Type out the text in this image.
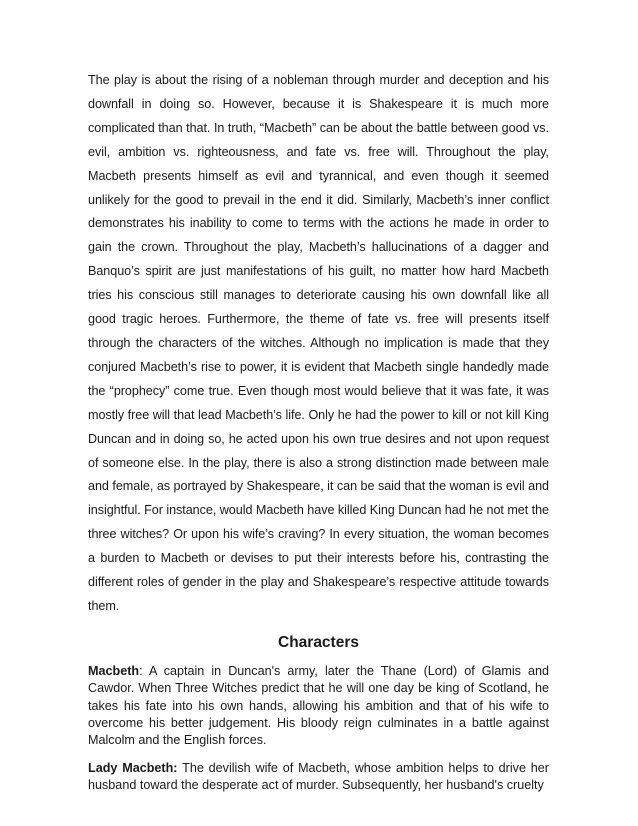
The play is about the rising of a nobleman through murder and deception and his downfall in doing so. However, because it is Shakespeare it is much more complicated than that. In truth, “Macbeth” can be about the battle between good vs. evil, ambition vs. righteousness, and fate vs. free will. Throughout the play, Macbeth presents himself as evil and tyrannical, and even though it seemed unlikely for the good to prevail in the end it did. Similarly, Macbeth’s inner conflict demonstrates his inability to come to terms with the actions he made in order to gain the crown. Throughout the play, Macbeth’s hallucinations of a dagger and Banquo’s spirit are just manifestations of his guilt, no matter how hard Macbeth tries his conscious still manages to deteriorate causing his own downfall like all good tragic heroes. Furthermore, the theme of fate vs. free will presents itself through the characters of the witches. Although no implication is made that they conjured Macbeth’s rise to power, it is evident that Macbeth single handedly made the “prophecy” come true. Even though most would believe that it was fate, it was mostly free will that lead Macbeth’s life. Only he had the power to kill or not kill King Duncan and in doing so, he acted upon his own true desires and not upon request of someone else. In the play, there is also a strong distinction made between male and female, as portrayed by Shakespeare, it can be said that the woman is evil and insightful. For instance, would Macbeth have killed King Duncan had he not met the three witches? Or upon his wife’s craving? In every situation, the woman becomes a burden to Macbeth or devises to put their interests before his, contrasting the different roles of gender in the play and Shakespeare’s respective attitude towards them.

Characters

Macbeth: A captain in Duncan's army, later the Thane (Lord) of Glamis and Cawdor. When Three Witches predict that he will one day be king of Scotland, he takes his fate into his own hands, allowing his ambition and that of his wife to overcome his better judgement. His bloody reign culminates in a battle against Malcolm and the English forces.

Lady Macbeth: The devilish wife of Macbeth, whose ambition helps to drive her husband toward the desperate act of murder. Subsequently, her husband's cruelty
